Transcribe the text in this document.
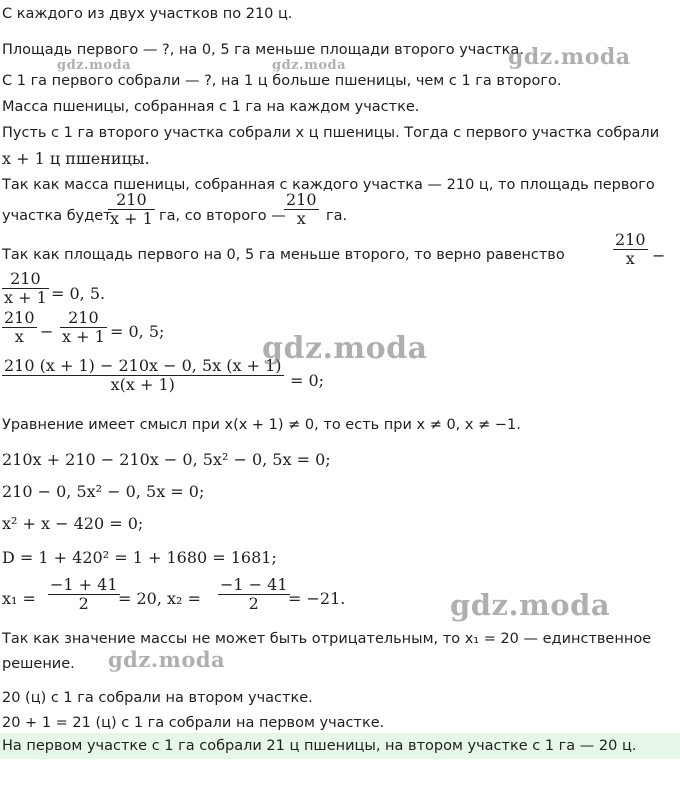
С каждого из двух участков по 210 ц.
Площадь первого — ?, на 0, 5 га меньше площади второго участка.
С 1 га первого собрали — ?, на 1 ц больше пшеницы, чем с 1 га второго.
Масса пшеницы, собранная с 1 га на каждом участке.
Пусть с 1 га второго участка собрали x ц пшеницы. Тогда с первого участка собрали
x + 1 ц пшеницы.
Так как масса пшеницы, собранная с каждого участка — 210 ц, то площадь первого
участка будет
210
x + 1 га, со второго —
210
x га.
Так как площадь первого на 0, 5 га меньше второго, то верно равенство
210
x −
210
x + 1 = 0, 5.
210
x −
210
x + 1 = 0, 5;
210 (x + 1) − 210x − 0, 5x (x + 1)
x(x + 1)	= 0;
Уравнение имеет смысл при x(x + 1) ≠ 0, то есть при x ≠ 0, x ≠ −1.
210x + 210 − 210x − 0, 5x² − 0, 5x = 0;
210 − 0, 5x² − 0, 5x = 0;
x² + x − 420 = 0;
D = 1 + 420² = 1 + 1680 = 1681;
x₁ =
−1 + 41
2 = 20, x₂ =
−1 − 41
2 = −21.
Так как значение массы не может быть отрицательным, то x₁ = 20 — единственное
решение.
20 (ц) с 1 га собрали на втором участке.
20 + 1 = 21 (ц) с 1 га собрали на первом участке.
На первом участке с 1 га собрали 21 ц пшеницы, на втором участке с 1 га — 20 ц.
gdz.moda
gdz.moda	gdz.moda
gdz.moda
gdz.moda
gdz.moda
